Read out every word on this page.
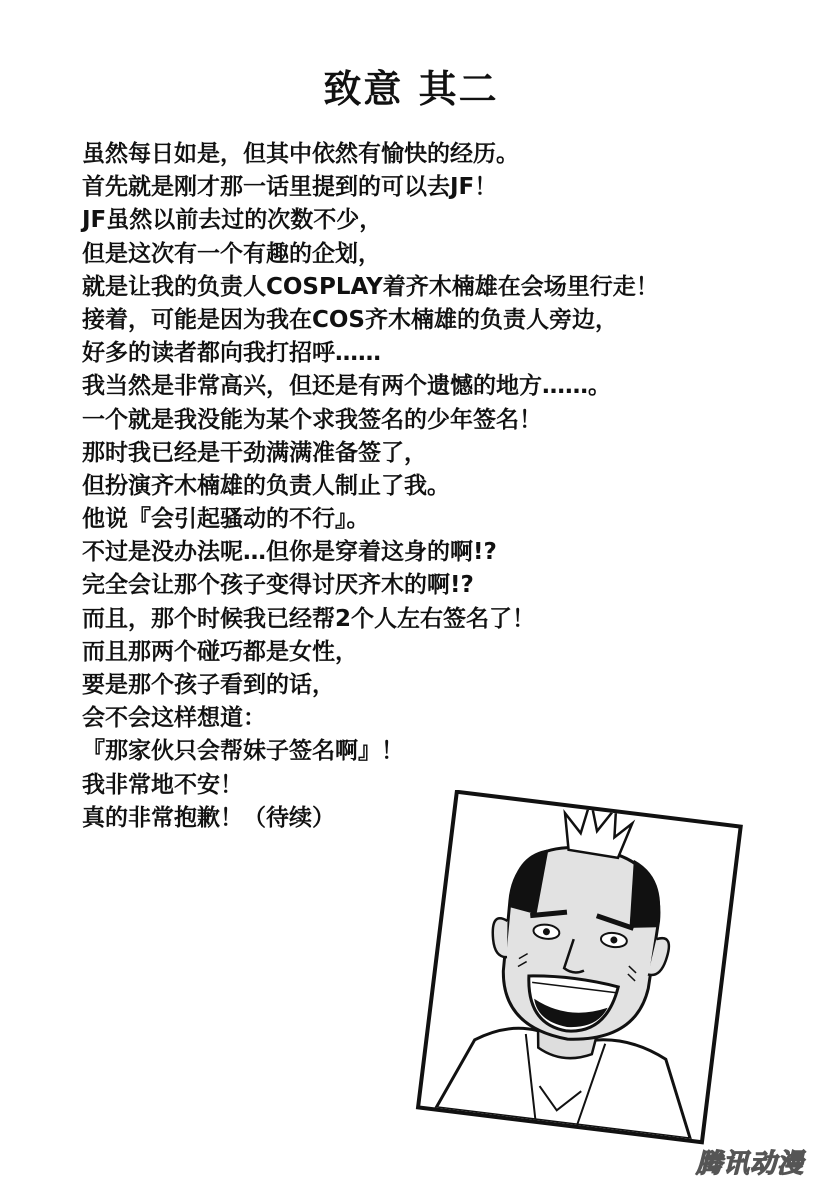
致意 其二
虽然每日如是，但其中依然有愉快的经历。
首先就是刚才那一话里提到的可以去JF！
JF虽然以前去过的次数不少，
但是这次有一个有趣的企划，
就是让我的负责人COSPLAY着齐木楠雄在会场里行走！
接着，可能是因为我在COS齐木楠雄的负责人旁边，
好多的读者都向我打招呼……
我当然是非常高兴，但还是有两个遗憾的地方……。
一个就是我没能为某个求我签名的少年签名！
那时我已经是干劲满满准备签了，
但扮演齐木楠雄的负责人制止了我。
他说『会引起骚动的不行』。
不过是没办法呢…但你是穿着这身的啊!?
完全会让那个孩子变得讨厌齐木的啊!?
而且，那个时候我已经帮2个人左右签名了！
而且那两个碰巧都是女性，
要是那个孩子看到的话，
会不会这样想道：
『那家伙只会帮妹子签名啊』！
我非常地不安！
真的非常抱歉！（待续）
腾讯动漫
